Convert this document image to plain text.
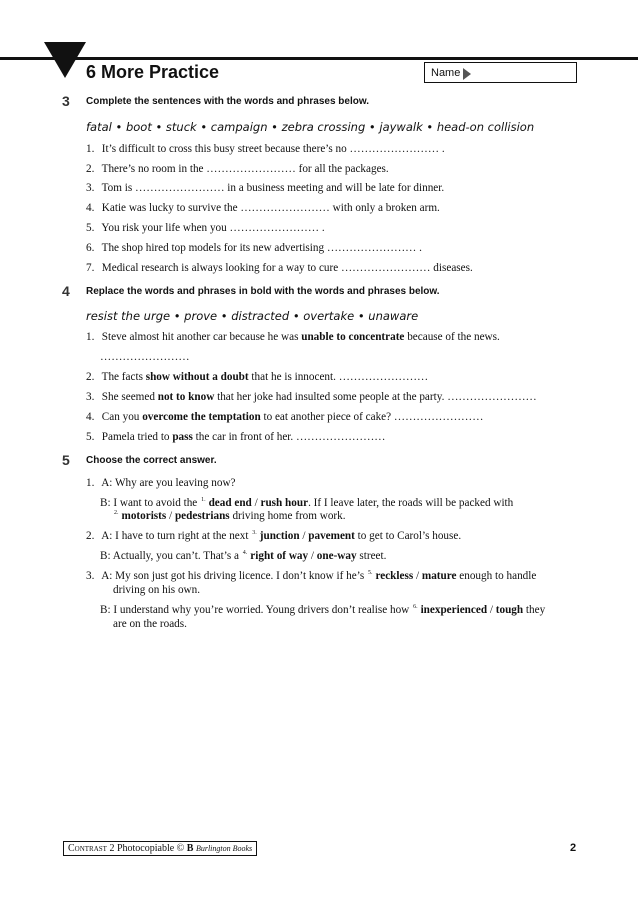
6 More Practice	Name
3 Complete the sentences with the words and phrases below.
fatal • boot • stuck • campaign • zebra crossing • jaywalk • head-on collision
1. It’s difficult to cross this busy street because there’s no …………………… .
2. There’s no room in the …………………… for all the packages.
3. Tom is …………………… in a business meeting and will be late for dinner.
4. Katie was lucky to survive the …………………… with only a broken arm.
5. You risk your life when you …………………… .
6. The shop hired top models for its new advertising …………………… .
7. Medical research is always looking for a way to cure …………………… diseases.
4 Replace the words and phrases in bold with the words and phrases below.
resist the urge • prove • distracted • overtake • unaware
1. Steve almost hit another car because he was unable to concentrate because of the news.
……………………
2. The facts show without a doubt that he is innocent. ……………………
3. She seemed not to know that her joke had insulted some people at the party. ……………………
4. Can you overcome the temptation to eat another piece of cake? ……………………
5. Pamela tried to pass the car in front of her. ……………………
5 Choose the correct answer.
1. A: Why are you leaving now?
B: I want to avoid the $^{1.}$ dead end / rush hour. If I leave later, the roads will be packed with
$^{2.}$ motorists / pedestrians driving home from work.
2. A: I have to turn right at the next $^{3.}$ junction / pavement to get to Carol’s house.
B: Actually, you can’t. That’s a $^{4.}$ right of way / one-way street.
3. A: My son just got his driving licence. I don’t know if he’s $^{5.}$ reckless / mature enough to handle
driving on his own.
B: I understand why you’re worried. Young drivers don’t realise how $^{6.}$ inexperienced / tough they
are on the roads.
Contrast 2 Photocopiable © B Burlington Books	2
